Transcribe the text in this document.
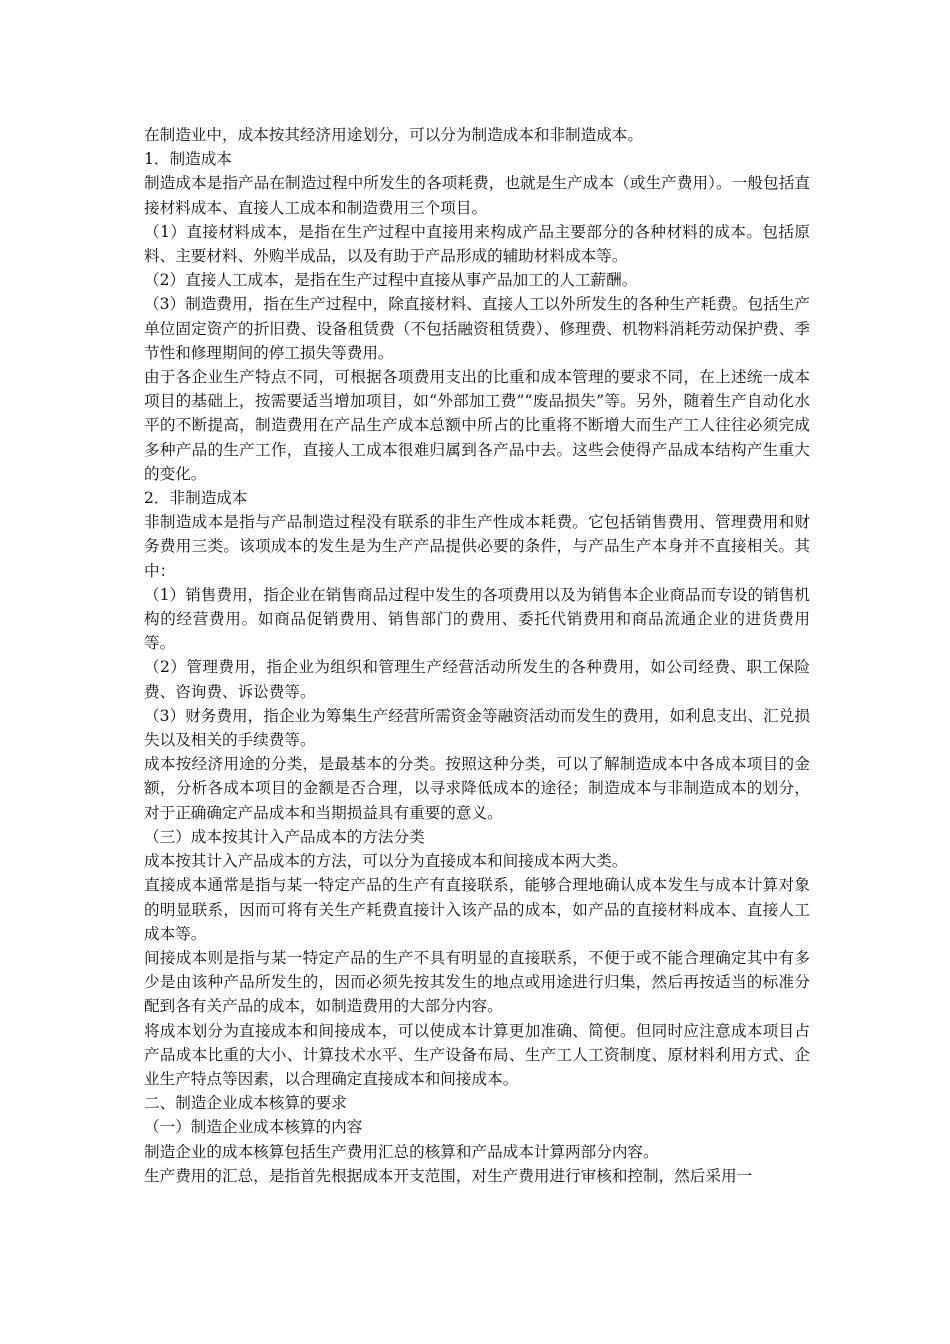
在制造业中，成本按其经济用途划分，可以分为制造成本和非制造成本。

1．制造成本

制造成本是指产品在制造过程中所发生的各项耗费，也就是生产成本（或生产费用）。一般包括直接材料成本、直接人工成本和制造费用三个项目。

（1）直接材料成本，是指在生产过程中直接用来构成产品主要部分的各种材料的成本。包括原料、主要材料、外购半成品，以及有助于产品形成的辅助材料成本等。

（2）直接人工成本，是指在生产过程中直接从事产品加工的人工薪酬。

（3）制造费用，指在生产过程中，除直接材料、直接人工以外所发生的各种生产耗费。包括生产单位固定资产的折旧费、设备租赁费（不包括融资租赁费）、修理费、机物料消耗劳动保护费、季节性和修理期间的停工损失等费用。

由于各企业生产特点不同，可根据各项费用支出的比重和成本管理的要求不同，在上述统一成本项目的基础上，按需要适当增加项目，如“外部加工费”“废品损失”等。另外，随着生产自动化水平的不断提高，制造费用在产品生产成本总额中所占的比重将不断增大而生产工人往往必须完成多种产品的生产工作，直接人工成本很难归属到各产品中去。这些会使得产品成本结构产生重大的变化。

2．非制造成本

非制造成本是指与产品制造过程没有联系的非生产性成本耗费。它包括销售费用、管理费用和财务费用三类。该项成本的发生是为生产产品提供必要的条件，与产品生产本身并不直接相关。其中：

（1）销售费用，指企业在销售商品过程中发生的各项费用以及为销售本企业商品而专设的销售机构的经营费用。如商品促销费用、销售部门的费用、委托代销费用和商品流通企业的进货费用等。

（2）管理费用，指企业为组织和管理生产经营活动所发生的各种费用，如公司经费、职工保险费、咨询费、诉讼费等。

（3）财务费用，指企业为筹集生产经营所需资金等融资活动而发生的费用，如利息支出、汇兑损失以及相关的手续费等。

成本按经济用途的分类，是最基本的分类。按照这种分类，可以了解制造成本中各成本项目的金额，分析各成本项目的金额是否合理，以寻求降低成本的途径；制造成本与非制造成本的划分，对于正确确定产品成本和当期损益具有重要的意义。

（三）成本按其计入产品成本的方法分类

成本按其计入产品成本的方法，可以分为直接成本和间接成本两大类。

直接成本通常是指与某一特定产品的生产有直接联系，能够合理地确认成本发生与成本计算对象的明显联系，因而可将有关生产耗费直接计入该产品的成本，如产品的直接材料成本、直接人工成本等。

间接成本则是指与某一特定产品的生产不具有明显的直接联系，不便于或不能合理确定其中有多少是由该种产品所发生的，因而必须先按其发生的地点或用途进行归集，然后再按适当的标准分配到各有关产品的成本，如制造费用的大部分内容。

将成本划分为直接成本和间接成本，可以使成本计算更加准确、简便。但同时应注意成本项目占产品成本比重的大小、计算技术水平、生产设备布局、生产工人工资制度、原材料利用方式、企业生产特点等因素，以合理确定直接成本和间接成本。

二、制造企业成本核算的要求

（一）制造企业成本核算的内容

制造企业的成本核算包括生产费用汇总的核算和产品成本计算两部分内容。

生产费用的汇总，是指首先根据成本开支范围，对生产费用进行审核和控制，然后采用一
